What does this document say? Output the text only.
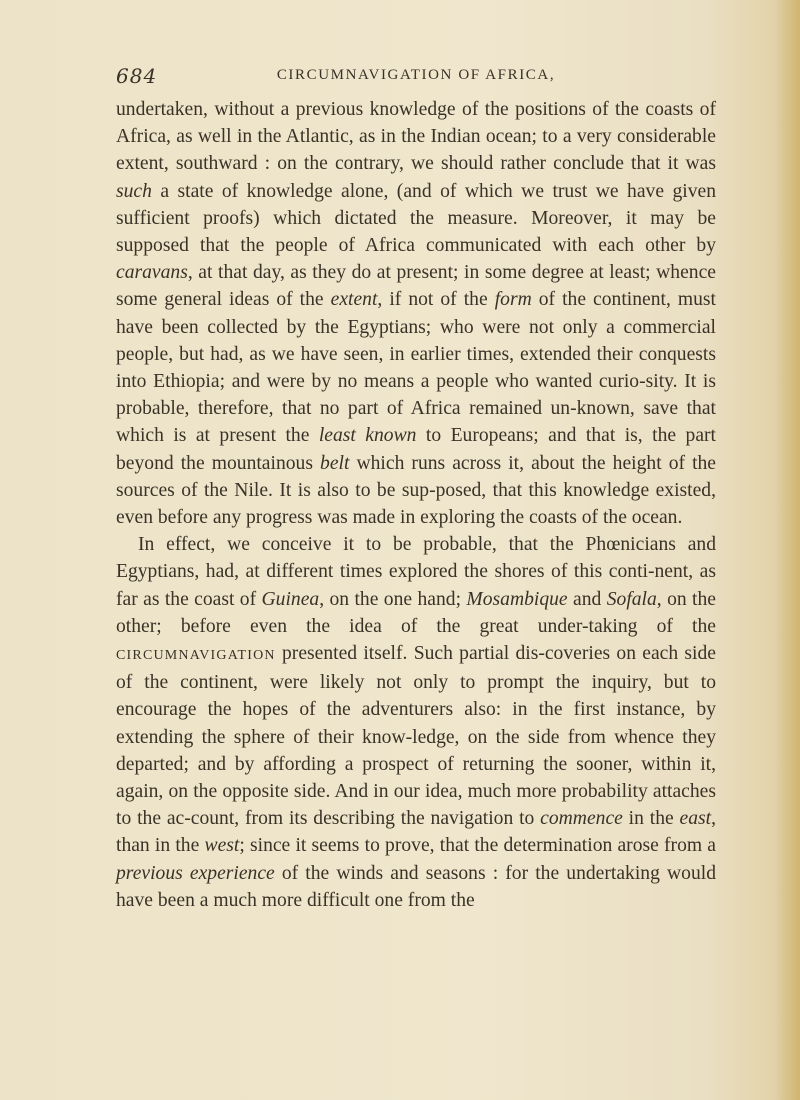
684	CIRCUMNAVIGATION OF AFRICA,

undertaken, without a previous knowledge of the positions of the coasts of Africa, as well in the Atlantic, as in the Indian ocean; to a very considerable extent, southward : on the contrary, we should rather conclude that it was such a state of knowledge alone, (and of which we trust we have given sufficient proofs) which dictated the measure. Moreover, it may be supposed that the people of Africa communicated with each other by caravans, at that day, as they do at present; in some degree at least; whence some general ideas of the extent, if not of the form of the continent, must have been collected by the Egyptians; who were not only a commercial people, but had, as we have seen, in earlier times, extended their conquests into Ethiopia; and were by no means a people who wanted curio-sity. It is probable, therefore, that no part of Africa remained un-known, save that which is at present the least known to Europeans; and that is, the part beyond the mountainous belt which runs across it, about the height of the sources of the Nile. It is also to be sup-posed, that this knowledge existed, even before any progress was made in exploring the coasts of the ocean.

In effect, we conceive it to be probable, that the Phœnicians and Egyptians, had, at different times explored the shores of this conti-nent, as far as the coast of Guinea, on the one hand; Mosambique and Sofala, on the other; before even the idea of the great under-taking of the CIRCUMNAVIGATION presented itself. Such partial dis-coveries on each side of the continent, were likely not only to prompt the inquiry, but to encourage the hopes of the adventurers also: in the first instance, by extending the sphere of their know-ledge, on the side from whence they departed; and by affording a prospect of returning the sooner, within it, again, on the opposite side. And in our idea, much more probability attaches to the ac-count, from its describing the navigation to commence in the east, than in the west; since it seems to prove, that the determination arose from a previous experience of the winds and seasons : for the undertaking would have been a much more difficult one from the
